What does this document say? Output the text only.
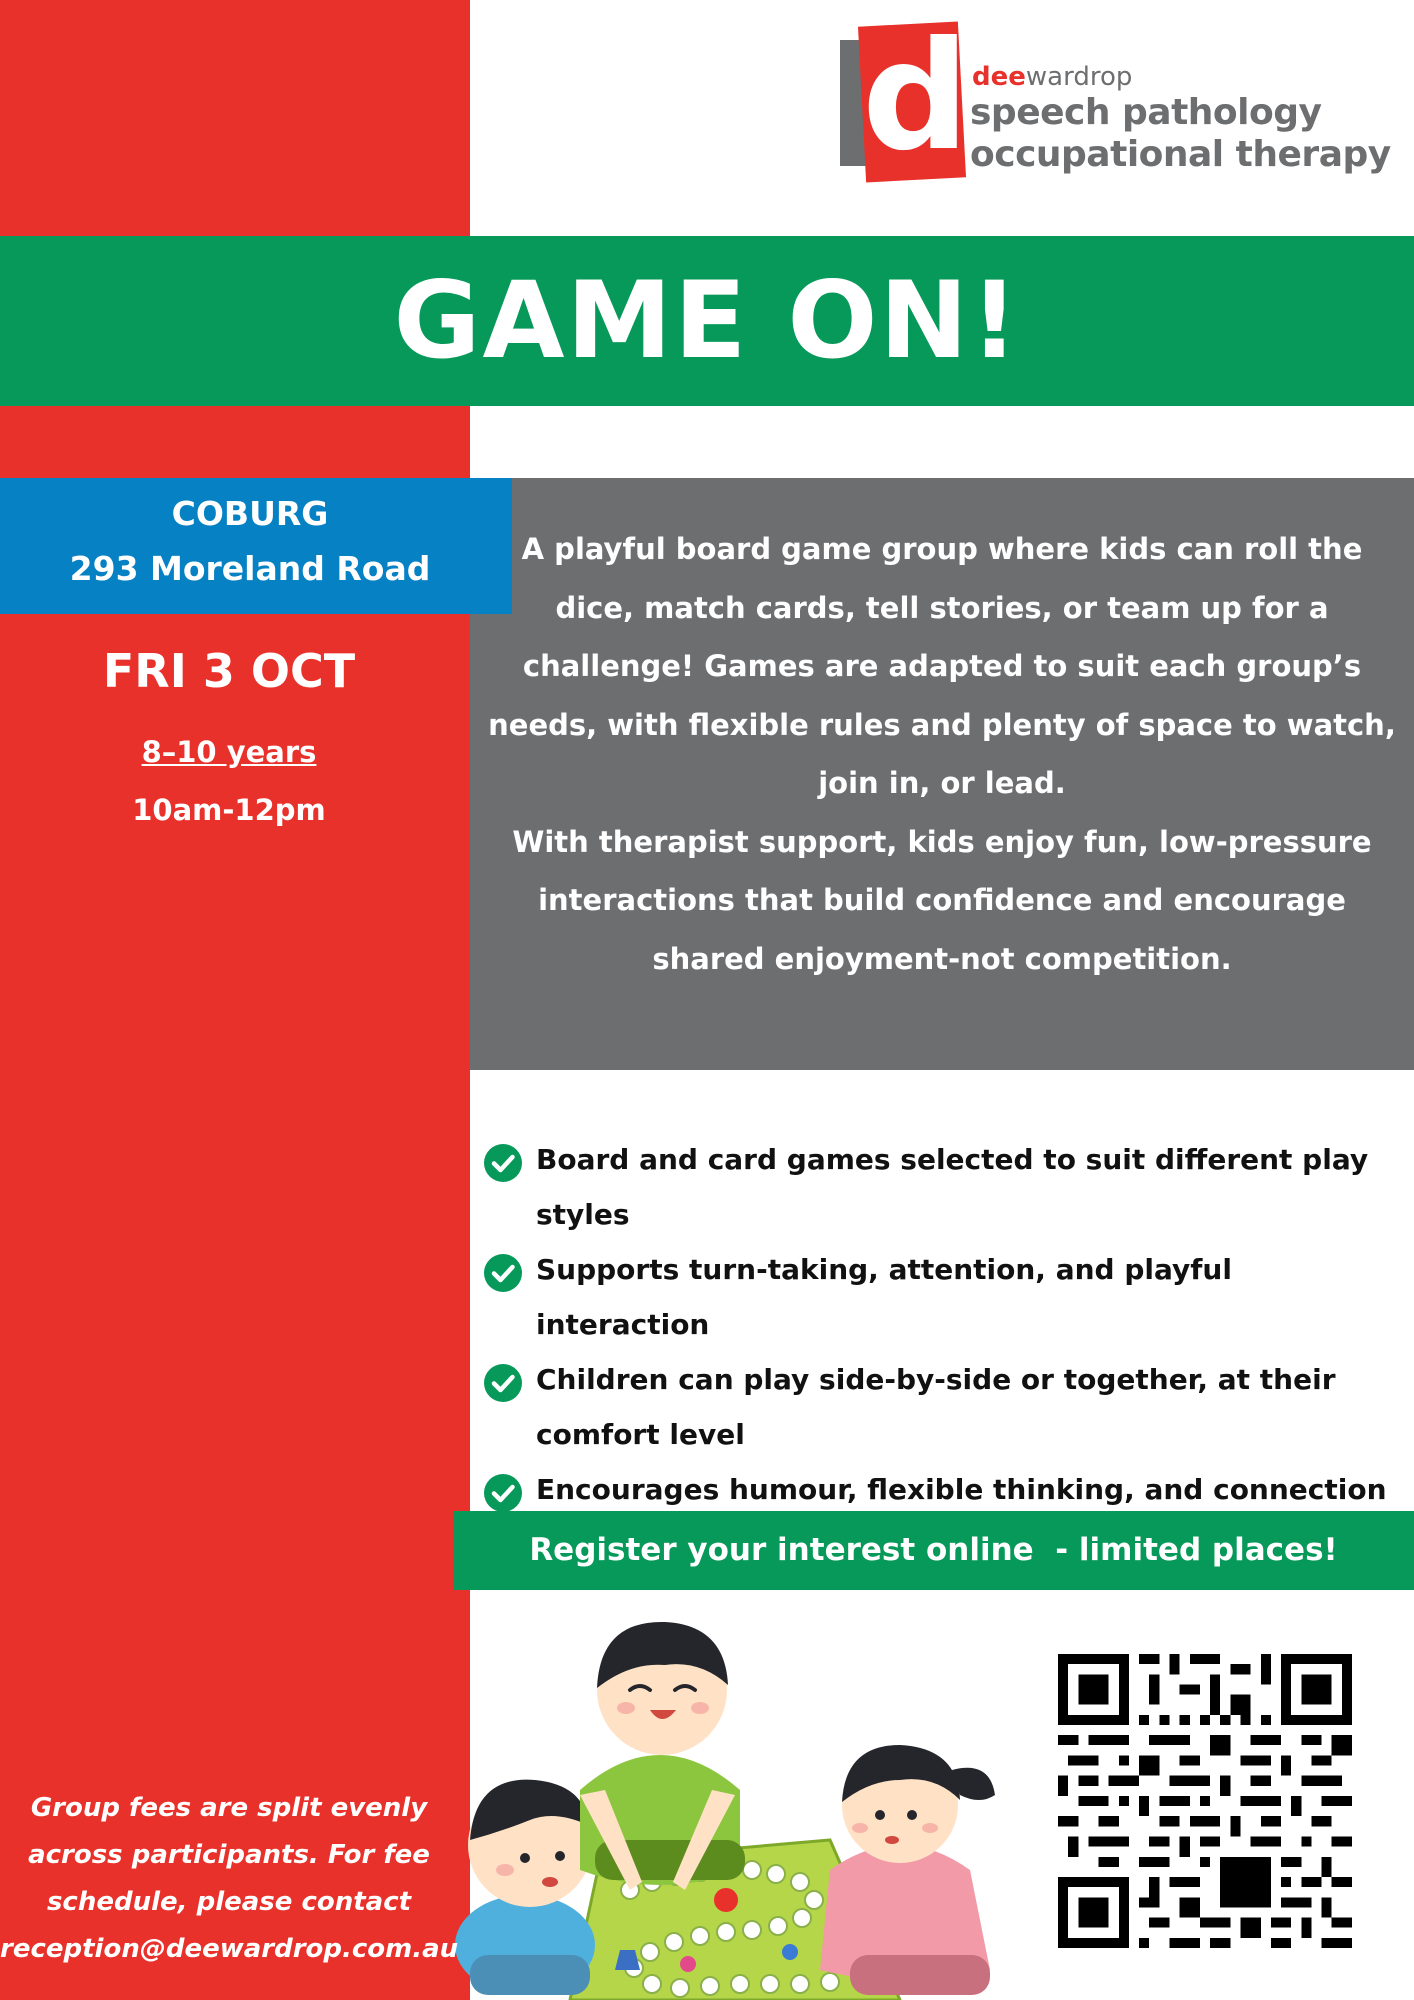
d deewardrop
speech pathology
occupational therapy
GAME ON!
COBURG
293 Moreland Road	A playful board game group where kids can roll the
dice, match cards, tell stories, or team up for a
challenge! Games are adapted to suit each group’s
needs, with flexible rules and plenty of space to watch,
join in, or lead.
With therapist support, kids enjoy fun, low-pressure
interactions that build confidence and encourage
shared enjoyment-not competition.
FRI 3 OCT
8–10 years
10am-12pm
Board and card games selected to suit different play styles
Supports turn-taking, attention, and playful interaction
Children can play side-by-side or together, at their comfort level
Encourages humour, flexible thinking, and connection
Register your interest online  - limited places!
Group fees are split evenly
across participants. For fee
schedule, please contact
reception@deewardrop.com.au
